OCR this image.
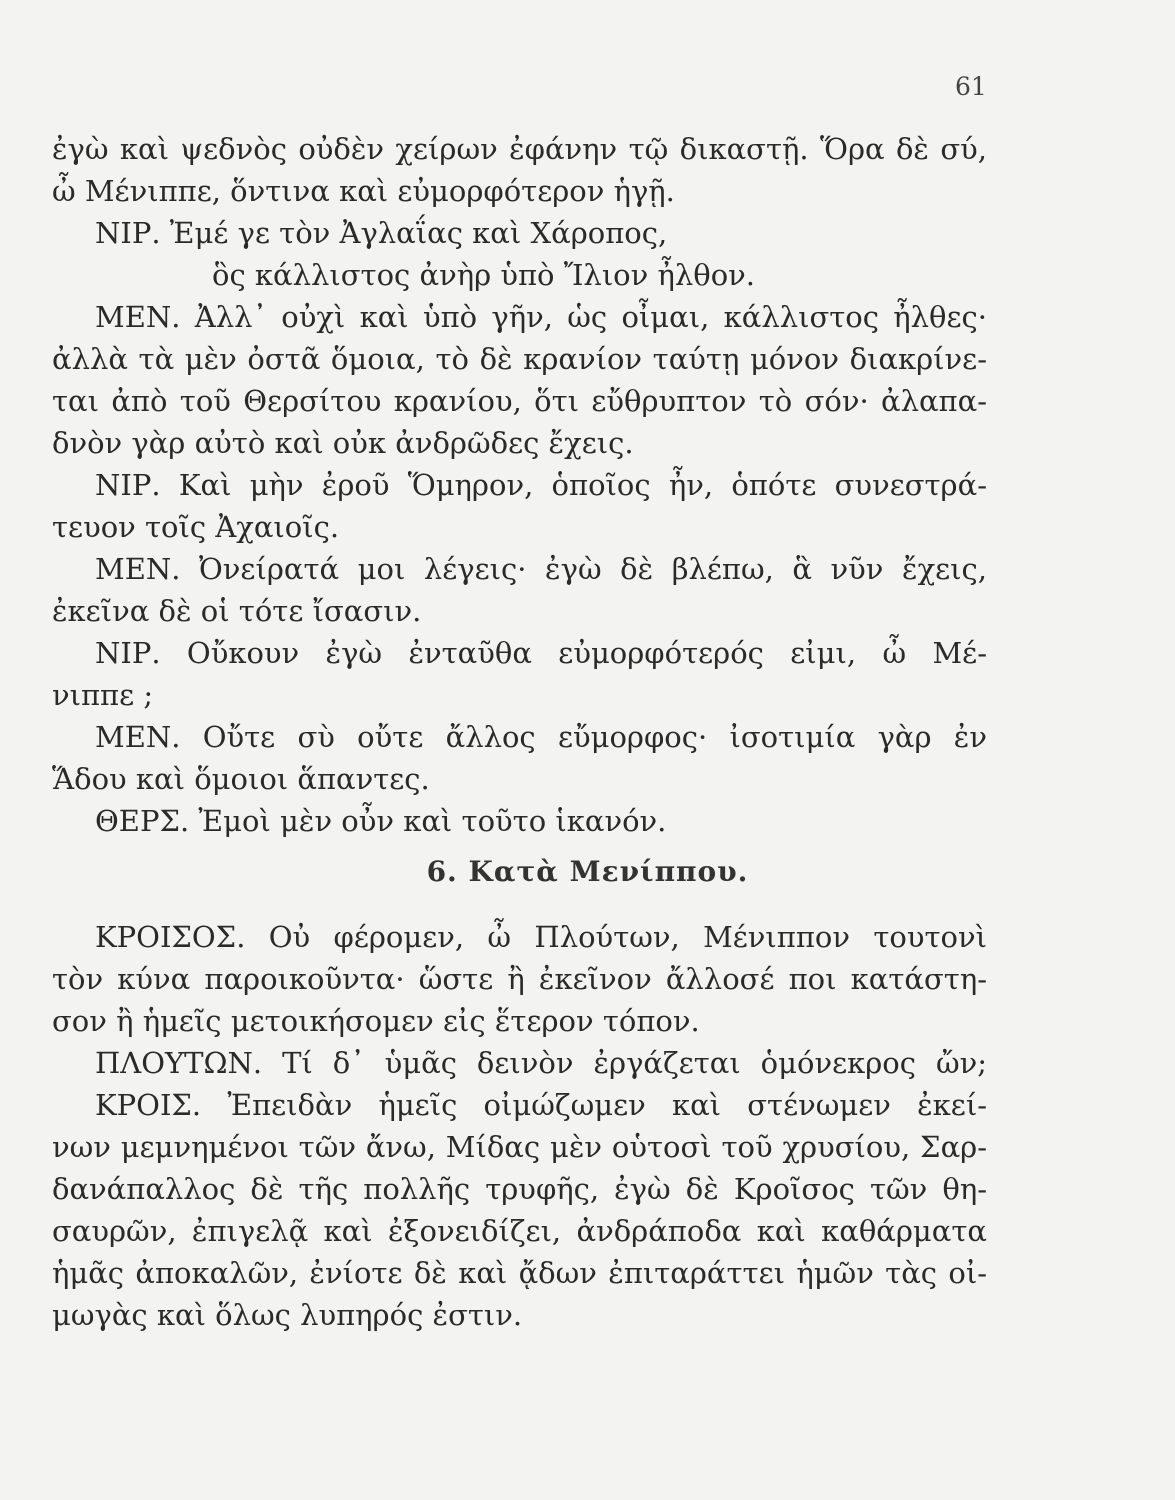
61
ἐγὼ καὶ ψεδνὸς οὐδὲν χείρων ἐφάνην τῷ δικαστῇ. Ὅρα δὲ σύ,
ὦ Μένιππε, ὅντινα καὶ εὐμορφότερον ἡγῇ.
ΝΙΡ. Ἐμέ γε τὸν Ἀγλαΐας καὶ Χάροπος,
ὃς κάλλιστος ἀνὴρ ὑπὸ Ἴλιον ἦλθον.
ΜΕΝ. Ἀλλ᾽ οὐχὶ καὶ ὑπὸ γῆν, ὡς οἶμαι, κάλλιστος ἦλθες·
ἀλλὰ τὰ μὲν ὀστᾶ ὅμοια, τὸ δὲ κρανίον ταύτῃ μόνον διακρίνε-
ται ἀπὸ τοῦ Θερσίτου κρανίου, ὅτι εὔθρυπτον τὸ σόν· ἀλαπα-
δνὸν γὰρ αὐτὸ καὶ οὐκ ἀνδρῶδες ἔχεις.
ΝΙΡ. Καὶ μὴν ἐροῦ Ὅμηρον, ὁποῖος ἦν, ὁπότε συνεστρά-
τευον τοῖς Ἀχαιοῖς.
ΜΕΝ. Ὀνείρατά μοι λέγεις· ἐγὼ δὲ βλέπω, ἃ νῦν ἔχεις,
ἐκεῖνα δὲ οἱ τότε ἴσασιν.
ΝΙΡ. Οὔκουν ἐγὼ ἐνταῦθα εὐμορφότερός εἰμι, ὦ Μέ-
νιππε ;
ΜΕΝ. Οὔτε σὺ οὔτε ἄλλος εὔμορφος· ἰσοτιμία γὰρ ἐν
Ἅδου καὶ ὅμοιοι ἅπαντες.
ΘΕΡΣ. Ἐμοὶ μὲν οὖν καὶ τοῦτο ἱκανόν.
6. Κατὰ Μενίππου.
ΚΡΟΙΣΟΣ. Οὐ φέρομεν, ὦ Πλούτων, Μένιππον τουτονὶ
τὸν κύνα παροικοῦντα· ὥστε ἢ ἐκεῖνον ἄλλοσέ ποι κατάστη-
σον ἢ ἡμεῖς μετοικήσομεν εἰς ἕτερον τόπον.
ΠΛΟΥΤΩΝ. Τί δ᾽ ὑμᾶς δεινὸν ἐργάζεται ὁμόνεκρος ὤν;
ΚΡΟΙΣ. Ἐπειδὰν ἡμεῖς οἰμώζωμεν καὶ στένωμεν ἐκεί-
νων μεμνημένοι τῶν ἄνω, Μίδας μὲν οὑτοσὶ τοῦ χρυσίου, Σαρ-
δανάπαλλος δὲ τῆς πολλῆς τρυφῆς, ἐγὼ δὲ Κροῖσος τῶν θη-
σαυρῶν, ἐπιγελᾷ καὶ ἐξονειδίζει, ἀνδράποδα καὶ καθάρματα
ἡμᾶς ἀποκαλῶν, ἐνίοτε δὲ καὶ ᾄδων ἐπιταράττει ἡμῶν τὰς οἰ-
μωγὰς καὶ ὅλως λυπηρός ἐστιν.
